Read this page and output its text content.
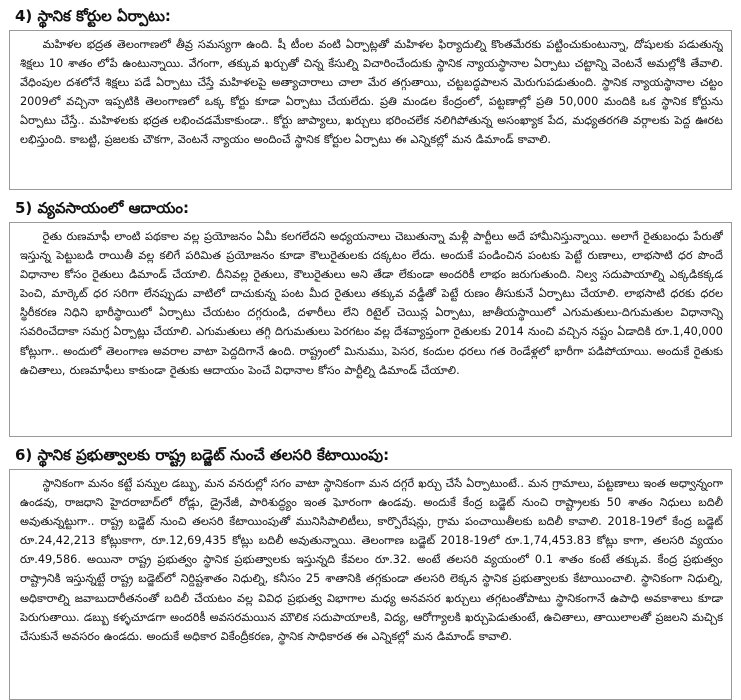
4) స్థానిక కోర్టుల ఏర్పాటు:

మహిళల భద్రత తెలంగాణలో తీవ్ర సమస్యగా ఉంది. షీ టీంల వంటి ఏర్పాట్లతో మహిళల ఫిర్యాదుల్ని కొంతమేరకు పట్టించుకుంటున్నా, దోషులకు పడుతున్న శిక్షలు 10 శాతం లోపే ఉంటున్నాయి. వేగంగా, తక్కువ ఖర్చుతో చిన్న కేసుల్ని విచారించేందుకు స్థానిక న్యాయస్థానాల ఏర్పాటు చట్టాన్ని వెంటనే అమల్లోకి తేవాలి. వేధింపుల దశలోనే శిక్షలు పడే ఏర్పాటు చేస్తే మహిళలపై అత్యాచారాలు చాలా మేర తగ్గుతాయి, చట్టబద్ధపాలన మెరుగుపడుతుంది. స్థానిక న్యాయస్థానాల చట్టం 2009లో వచ్చినా ఇప్పటికి తెలంగాణలో ఒక్క కోర్టు కూడా ఏర్పాటు చేయలేదు. ప్రతి మండల కేంద్రంలో, పట్టణాల్లో ప్రతి 50,000 మందికి ఒక స్థానిక కోర్టును ఏర్పాటు చేస్తే.. మహిళలకు భద్రత లభించడమేకాకుండా.. కోర్టు జాప్యాలు, ఖర్చులు భరించలేక నలిగిపోతున్న అసంఖ్యాక పేద, మధ్యతరగతి వర్గాలకు పెద్ద ఊరట లభిస్తుంది. కాబట్టి, ప్రజలకు చౌకగా, వెంటనే న్యాయం అందించే స్థానిక కోర్టుల ఏర్పాటు ఈ ఎన్నికల్లో మన డిమాండ్ కావాలి.

5) వ్యవసాయంలో ఆదాయం:

రైతు రుణమాఫీ లాంటి పథకాల వల్ల ప్రయోజనం ఏమీ కలగలేదని అధ్యయనాలు చెబుతున్నా మళ్లీ పార్టీలు అదే హామీనిస్తున్నాయి. అలాగే రైతుబంధు పేరుతో ఇస్తున్న పెట్టుబడి రాయితీ వల్ల కలిగే పరిమిత ప్రయోజనం కూడా కౌలురైతులకు దక్కటం లేదు. అందుకే పండించిన పంటకు పెట్టే రుణాలు, లాభసాటి ధర పొందే విధానాల కోసం రైతులు డిమాండ్ చేయాలి. దీనివల్ల రైతులు, కౌలురైతులు అని తేడా లేకుండా అందరికీ లాభం జరుగుతుంది. నిల్వ సదుపాయాల్ని ఎక్కడికక్కడ పెంచి, మార్కెట్ ధర సరిగా లేనప్పుడు వాటిలో దాచుకున్న పంట మీద రైతులు తక్కువ వడ్డీతో పెట్టే రుణం తీసుకునే ఏర్పాటు చేయాలి. లాభసాటి ధరకు ధరల స్థిరీకరణ నిధిని భారీస్థాయిలో ఏర్పాటు చేయటం దగ్గరుండి, దళారీలు లేని రిటైల్ చెయిన్ల ఏర్పాటు, జాతీయస్థాయిలో ఎగుమతులు-దిగుమతుల విధానాన్ని సవరించేదాకా సమగ్ర ఏర్పాట్లు చేయాలి. ఎగుమతులు తగ్గి దిగుమతులు పెరగటం వల్ల దేశవ్యాప్తంగా రైతులకు 2014 నుంచి వచ్చిన నష్టం ఏడాదికి రూ.1,40,000 కోట్లుగా.. అందులో తెలంగాణ అవరాల వాటా పెద్దదిగానే ఉంది. రాష్ట్రంలో మినుము, పెసర, కందుల ధరలు గత రెండేళ్లలో భారీగా పడిపోయాయి. అందుకే రైతుకు ఉచితాలు, రుణమాఫీలు కాకుండా రైతుకు ఆదాయం పెంచే విధానాల కోసం పార్టీల్ని డిమాండ్ చేయాలి.

6) స్థానిక ప్రభుత్వాలకు రాష్ట్ర బడ్జెట్ నుంచే తలసరి కేటాయింపు:

స్థానికంగా మనం కట్టే పన్నుల డబ్బు, మన వనరుల్లో సగం వాటా స్థానికంగా మన దగ్గరే ఖర్చు చేసే ఏర్పాటుంటే.. మన గ్రామాలు, పట్టణాలు ఇంత అధ్వాన్నంగా ఉండవు, రాజధాని హైదరాబాద్‌లో రోడ్లు, డ్రైనేజీ, పారిశుద్ధ్యం ఇంత ఘోరంగా ఉండవు. అందుకే కేంద్ర బడ్జెట్ నుంచి రాష్ట్రాలకు 50 శాతం నిధులు బదిలీ అవుతున్నట్టుగా.. రాష్ట్ర బడ్జెట్ నుంచి తలసరి కేటాయింపుతో మునిసిపాలిటీలు, కార్పొరేషన్లు, గ్రామ పంచాయితీలకు బదిలీ కావాలి. 2018-19లో కేంద్ర బడ్జెట్ రూ.24,42,213 కోట్లుకాగా, రూ.12,69,435 కోట్లు బదిలీ అవుతున్నాయి. తెలంగాణ బడ్జెట్ 2018-19లో రూ.1,74,453.83 కోట్లు కాగా, తలసరి వ్యయం రూ.49,586. అయినా రాష్ట్ర ప్రభుత్వం స్థానిక ప్రభుత్వాలకు ఇస్తున్నది కేవలం రూ.32. అంటే తలసరి వ్యయంలో 0.1 శాతం కంటే తక్కువ. కేంద్ర ప్రభుత్వం రాష్ట్రానికి ఇస్తున్నట్టే రాష్ట్ర బడ్జెట్‌లో నిర్దిష్టశాతం నిధుల్ని, కనీసం 25 శాతానికి తగ్గకుండా తలసరి లెక్కన స్థానిక ప్రభుత్వాలకు కేటాయించాలి. స్థానికంగా నిధుల్ని, అధికారాల్ని జవాబుదారీతనంతో బదిలీ చేయటం వల్ల వివిధ ప్రభుత్వ విభాగాల మధ్య అనవసర ఖర్చులు తగ్గటంతోపాటు స్థానికంగానే ఉపాధి అవకాశాలు కూడా పెరుగుతాయి. డబ్బు కళ్ళచూడగా అందరికీ అవసరమయిన మౌలిక సదుపాయాలకి, విద్య, ఆరోగ్యాలకి ఖర్చుపెడుతుంటే, ఉచితాలు, తాయిలాలతో ప్రజలని మచ్చిక చేసుకునే అవసరం ఉండదు. అందుకే అధికార వికేంద్రీకరణ, స్థానిక సాధికారత ఈ ఎన్నికల్లో మన డిమాండ్ కావాలి.
